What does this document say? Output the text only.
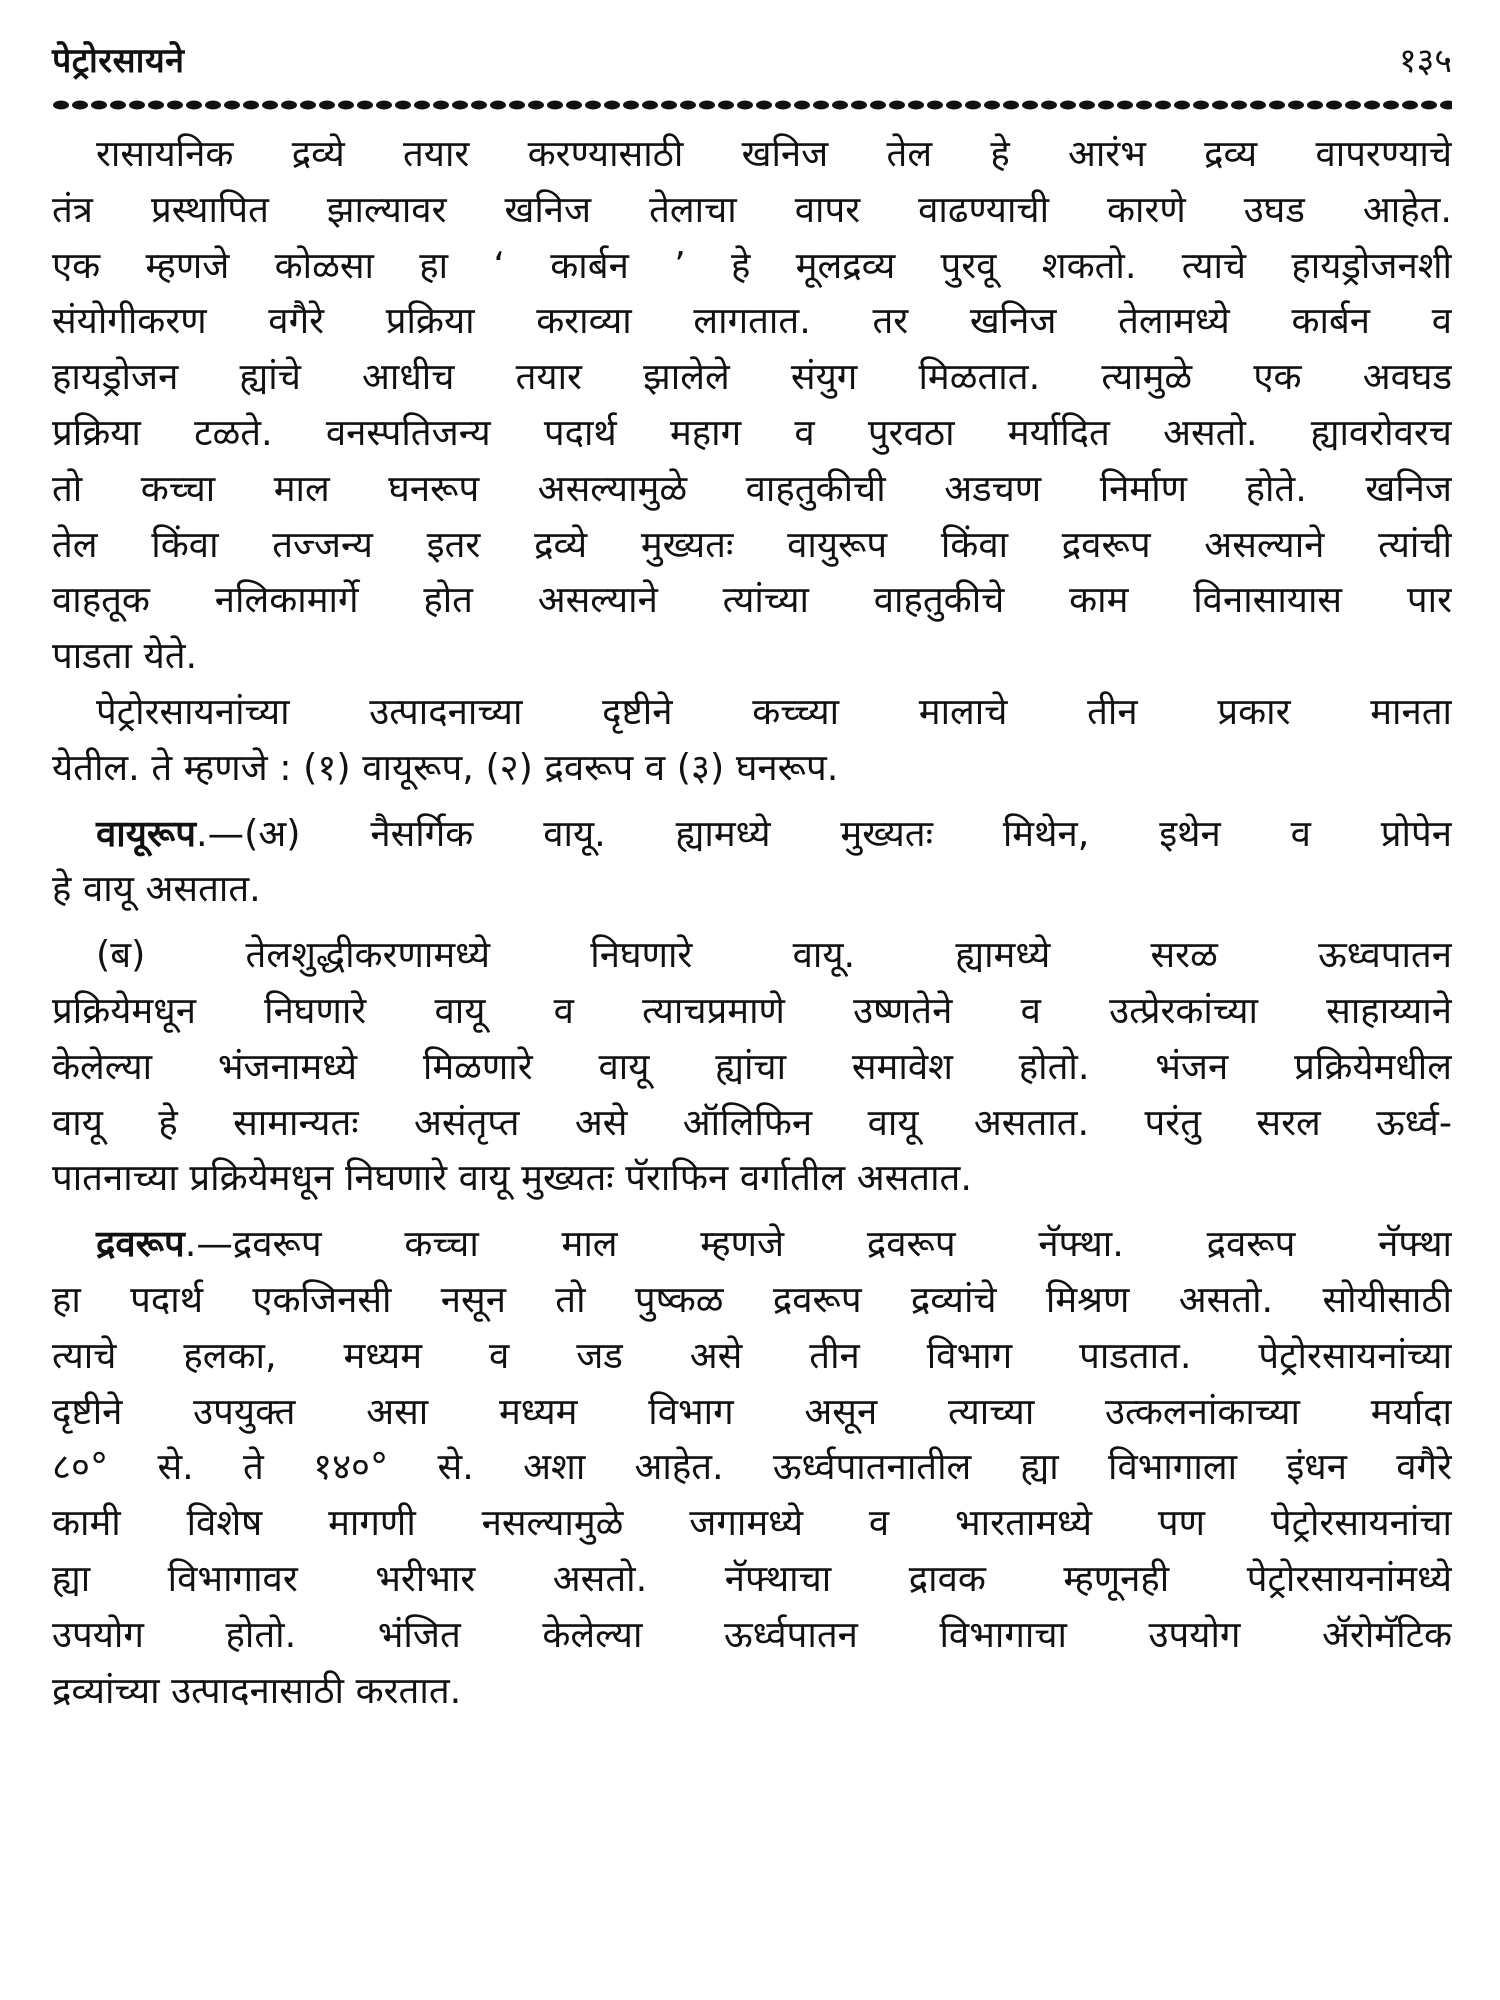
पेट्रोरसायने	१३५
रासायनिक द्रव्ये तयार करण्यासाठी खनिज तेल हे आरंभ द्रव्य वापरण्याचे
तंत्र प्रस्थापित झाल्यावर खनिज तेलाचा वापर वाढण्याची कारणे उघड आहेत.
एक म्हणजे कोळसा हा ‘ कार्बन ’ हे मूलद्रव्य पुरवू शकतो. त्याचे हायड्रोजनशी
संयोगीकरण वगैरे प्रक्रिया कराव्या लागतात. तर खनिज तेलामध्ये कार्बन व
हायड्रोजन ह्यांचे आधीच तयार झालेले संयुग मिळतात. त्यामुळे एक अवघड
प्रक्रिया टळते. वनस्पतिजन्य पदार्थ महाग व पुरवठा मर्यादित असतो. ह्यावरोवरच
तो कच्चा माल घनरूप असल्यामुळे वाहतुकीची अडचण निर्माण होते. खनिज
तेल किंवा तज्जन्य इतर द्रव्ये मुख्यतः वायुरूप किंवा द्रवरूप असल्याने त्यांची
वाहतूक नलिकामार्गे होत असल्याने त्यांच्या वाहतुकीचे काम विनासायास पार
पाडता येते.
पेट्रोरसायनांच्या उत्पादनाच्या दृष्टीने कच्च्या मालाचे तीन प्रकार मानता
येतील. ते म्हणजे : (१) वायूरूप, (२) द्रवरूप व (३) घनरूप.
वायूरूप.—(अ) नैसर्गिक वायू. ह्यामध्ये मुख्यतः मिथेन, इथेन व प्रोपेन
हे वायू असतात.
(ब) तेलशुद्धीकरणामध्ये निघणारे वायू. ह्यामध्ये सरळ ऊध्वपातन
प्रक्रियेमधून निघणारे वायू व त्याचप्रमाणे उष्णतेने व उत्प्रेरकांच्या साहाय्याने
केलेल्या भंजनामध्ये मिळणारे वायू ह्यांचा समावेश होतो. भंजन प्रक्रियेमधील
वायू हे सामान्यतः असंतृप्त असे ऑलिफिन वायू असतात. परंतु सरल ऊर्ध्व-
पातनाच्या प्रक्रियेमधून निघणारे वायू मुख्यतः पॅराफिन वर्गातील असतात.
द्रवरूप.—द्रवरूप कच्चा माल म्हणजे द्रवरूप नॅफ्था. द्रवरूप नॅफ्था
हा पदार्थ एकजिनसी नसून तो पुष्कळ द्रवरूप द्रव्यांचे मिश्रण असतो. सोयीसाठी
त्याचे हलका, मध्यम व जड असे तीन विभाग पाडतात. पेट्रोरसायनांच्या
दृष्टीने उपयुक्त असा मध्यम विभाग असून त्याच्या उत्कलनांकाच्या मर्यादा
८०° से. ते १४०° से. अशा आहेत. ऊर्ध्वपातनातील ह्या विभागाला इंधन वगैरे
कामी विशेष मागणी नसल्यामुळे जगामध्ये व भारतामध्ये पण पेट्रोरसायनांचा
ह्या विभागावर भरीभार असतो. नॅफ्थाचा द्रावक म्हणूनही पेट्रोरसायनांमध्ये
उपयोग होतो. भंजित केलेल्या ऊर्ध्वपातन विभागाचा उपयोग ॲरोमॅटिक
द्रव्यांच्या उत्पादनासाठी करतात.
